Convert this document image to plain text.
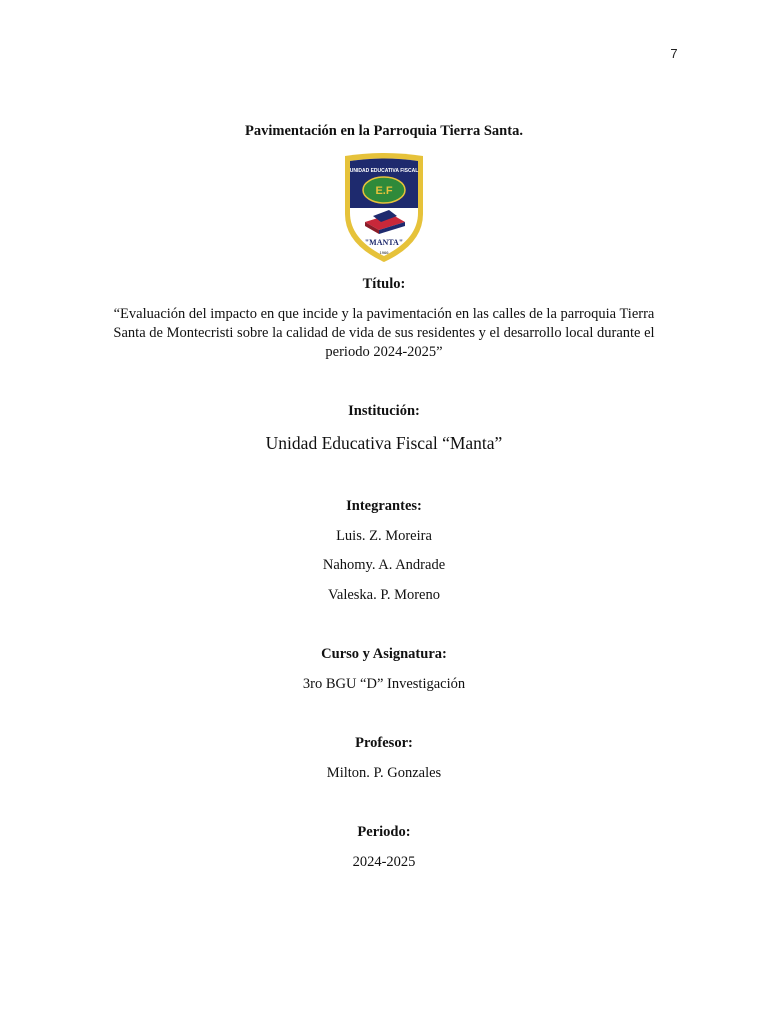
7
Pavimentación en la Parroquia Tierra Santa.
E.F
UNIDAD EDUCATIVA FISCAL
"MANTA"
1966
Título:
“Evaluación del impacto en que incide y la pavimentación en las calles de la parroquia Tierra
Santa de Montecristi sobre la calidad de vida de sus residentes y el desarrollo local durante el
periodo 2024-2025”
Institución:
Unidad Educativa Fiscal “Manta”
Integrantes:
Luis. Z. Moreira
Nahomy. A. Andrade
Valeska. P. Moreno
Curso y Asignatura:
3ro BGU “D” Investigación
Profesor:
Milton. P. Gonzales
Periodo:
2024-2025
